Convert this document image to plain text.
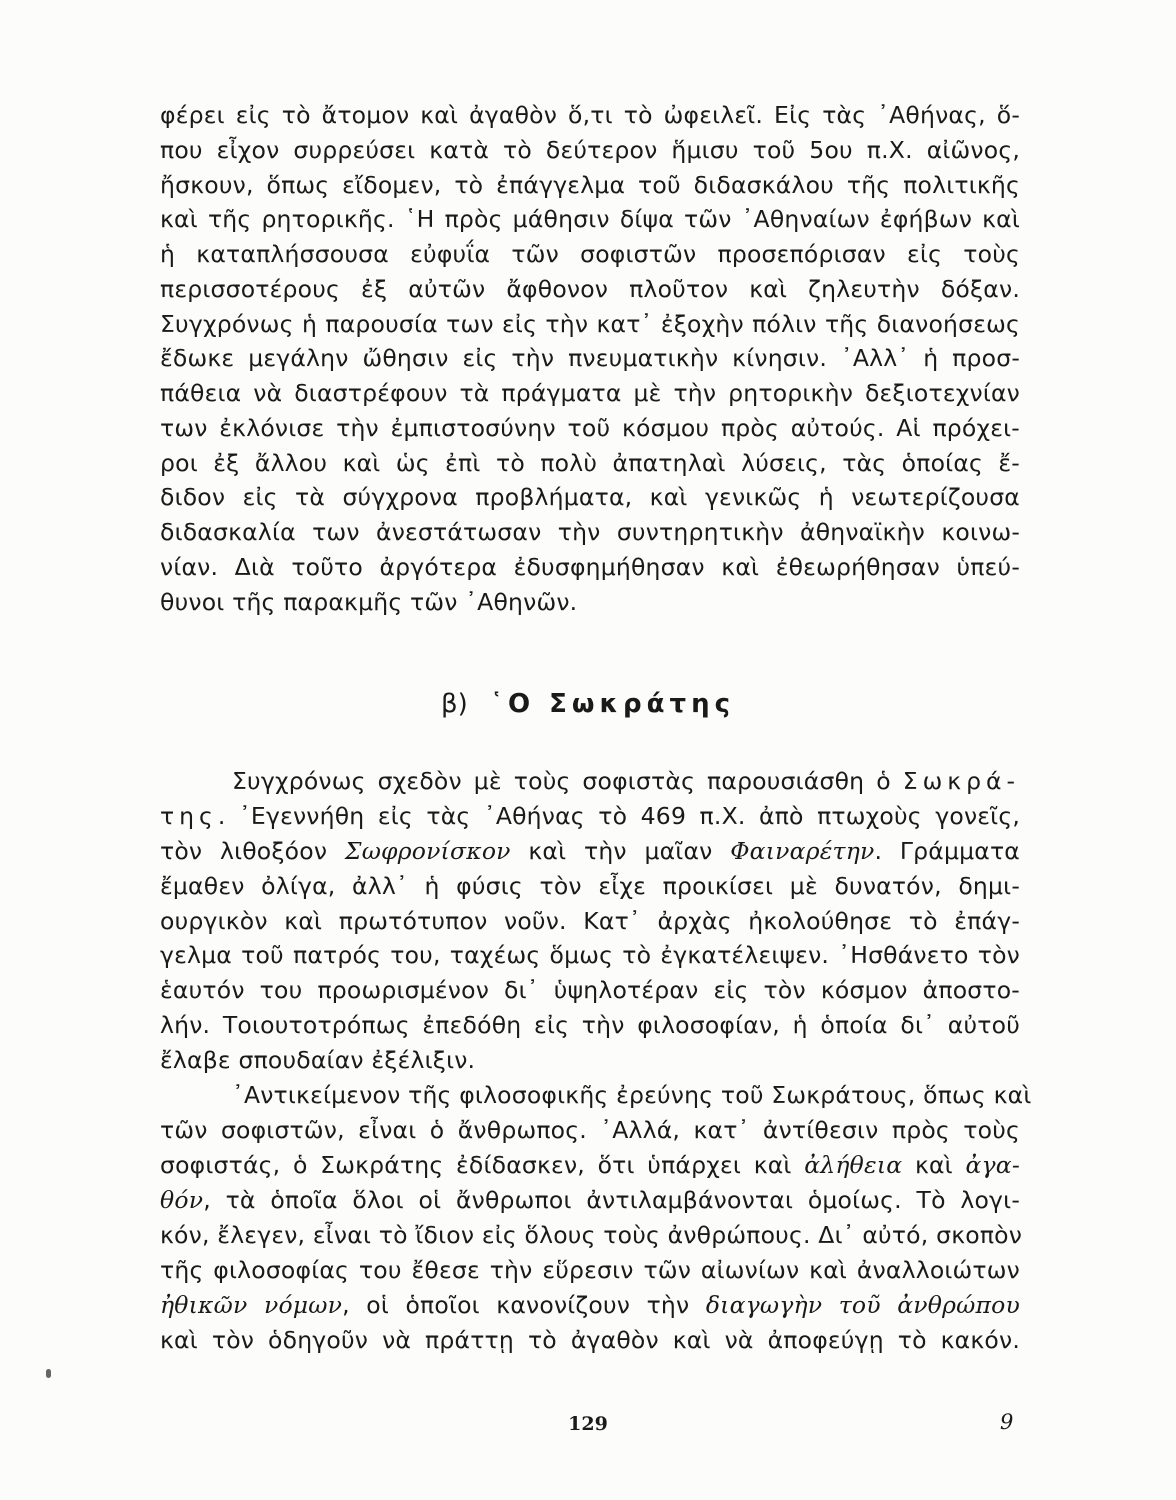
φέρει εἰς τὸ ἄτομον καὶ ἀγαθὸν ὅ,τι τὸ ὠφειλεῖ. Εἰς τὰς ᾿Αθήνας, ὅ-
που εἶχον συρρεύσει κατὰ τὸ δεύτερον ἥμισυ τοῦ 5ου π.Χ. αἰῶνος,
ἤσκουν, ὅπως εἴδομεν, τὸ ἐπάγγελμα τοῦ διδασκάλου τῆς πολιτικῆς
καὶ τῆς ρητορικῆς. ῾Η πρὸς μάθησιν δίψα τῶν ᾿Αθηναίων ἐφήβων καὶ
ἡ καταπλήσσουσα εὐφυΐα τῶν σοφιστῶν προσεπόρισαν εἰς τοὺς
περισσοτέρους ἐξ αὐτῶν ἄφθονον πλοῦτον καὶ ζηλευτὴν δόξαν.
Συγχρόνως ἡ παρουσία των εἰς τὴν κατ᾿ ἐξοχὴν πόλιν τῆς διανοήσεως
ἔδωκε μεγάλην ὤθησιν εἰς τὴν πνευματικὴν κίνησιν. ᾿Αλλ᾿ ἡ προσ-
πάθεια νὰ διαστρέφουν τὰ πράγματα μὲ τὴν ρητορικὴν δεξιοτεχνίαν
των ἐκλόνισε τὴν ἐμπιστοσύνην τοῦ κόσμου πρὸς αὐτούς. Αἱ πρόχει-
ροι ἐξ ἄλλου καὶ ὡς ἐπὶ τὸ πολὺ ἀπατηλαὶ λύσεις, τὰς ὁποίας ἔ-
διδον εἰς τὰ σύγχρονα προβλήματα, καὶ γενικῶς ἡ νεωτερίζουσα
διδασκαλία των ἀνεστάτωσαν τὴν συντηρητικὴν ἀθηναϊκὴν κοινω-
νίαν. Διὰ τοῦτο ἀργότερα ἐδυσφημήθησαν καὶ ἐθεωρήθησαν ὑπεύ-
θυνοι τῆς παρακμῆς τῶν ᾿Αθηνῶν.
β) ῾Ο Σωκράτης
Συγχρόνως σχεδὸν μὲ τοὺς σοφιστὰς παρουσιάσθη ὁ Σωκρά-
της. ᾿Εγεννήθη εἰς τὰς ᾿Αθήνας τὸ 469 π.Χ. ἀπὸ πτωχοὺς γονεῖς,
τὸν λιθοξόον Σωφρονίσκον καὶ τὴν μαῖαν Φαιναρέτην. Γράμματα
ἔμαθεν ὀλίγα, ἀλλ᾿ ἡ φύσις τὸν εἶχε προικίσει μὲ δυνατόν, δημι-
ουργικὸν καὶ πρωτότυπον νοῦν. Κατ᾿ ἀρχὰς ἠκολούθησε τὸ ἐπάγ-
γελμα τοῦ πατρός του, ταχέως ὅμως τὸ ἐγκατέλειψεν. ᾿Ησθάνετο τὸν
ἑαυτόν του προωρισμένον δι᾿ ὑψηλοτέραν εἰς τὸν κόσμον ἀποστο-
λήν. Τοιουτοτρόπως ἐπεδόθη εἰς τὴν φιλοσοφίαν, ἡ ὁποία δι᾿ αὐτοῦ
ἔλαβε σπουδαίαν ἐξέλιξιν.
᾿Αντικείμενον τῆς φιλοσοφικῆς ἐρεύνης τοῦ Σωκράτους, ὅπως καὶ
τῶν σοφιστῶν, εἶναι ὁ ἄνθρωπος. ᾿Αλλά, κατ᾿ ἀντίθεσιν πρὸς τοὺς
σοφιστάς, ὁ Σωκράτης ἐδίδασκεν, ὅτι ὑπάρχει καὶ ἀλήθεια καὶ ἀγα-
θόν, τὰ ὁποῖα ὅλοι οἱ ἄνθρωποι ἀντιλαμβάνονται ὁμοίως. Τὸ λογι-
κόν, ἔλεγεν, εἶναι τὸ ἴδιον εἰς ὅλους τοὺς ἀνθρώπους. Δι᾿ αὐτό, σκοπὸν
τῆς φιλοσοφίας του ἔθεσε τὴν εὕρεσιν τῶν αἰωνίων καὶ ἀναλλοιώτων
ἠθικῶν νόμων, οἱ ὁποῖοι κανονίζουν τὴν διαγωγὴν τοῦ ἀνθρώπου
καὶ τὸν ὁδηγοῦν νὰ πράττῃ τὸ ἀγαθὸν καὶ νὰ ἀποφεύγῃ τὸ κακόν.
129	9
